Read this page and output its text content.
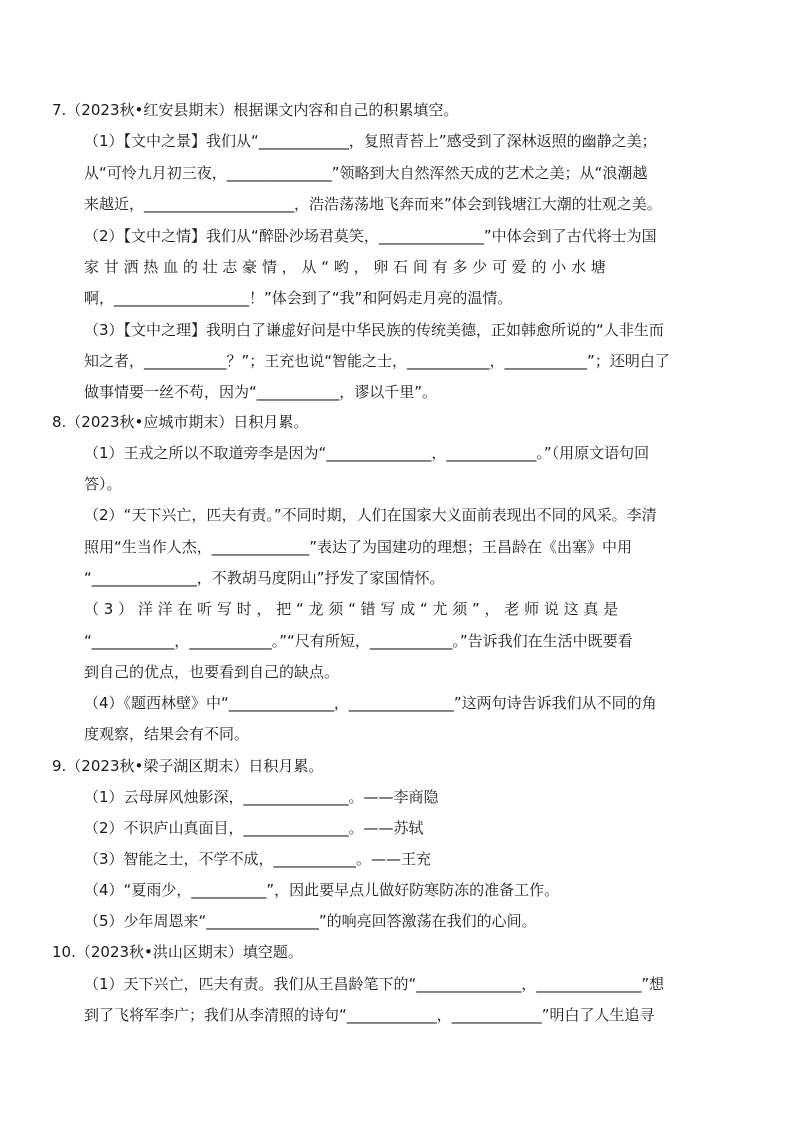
7.（2023秋•红安县期末）根据课文内容和自己的积累填空。
（1）【文中之景】我们从“____________，复照青苔上”感受到了深林返照的幽静之美；
从“可怜九月初三夜，______________”领略到大自然浑然天成的艺术之美；从“浪潮越
来越近，____________________，浩浩荡荡地飞奔而来”体会到钱塘江大潮的壮观之美。
（2）【文中之情】我们从“醉卧沙场君莫笑，______________”中体会到了古代将士为国
家 甘 洒 热 血 的 壮 志 豪 情 ， 从 “ 哟 ， 卵 石 间 有 多 少 可 爱 的 小 水 塘
啊，__________________！”体会到了“我”和阿妈走月亮的温情。
（3）【文中之理】我明白了谦虚好问是中华民族的传统美德，正如韩愈所说的“人非生而
知之者，___________？”；王充也说“智能之士，___________，___________”；还明白了
做事情要一丝不苟，因为“___________，谬以千里”。
8.（2023秋•应城市期末）日积月累。
（1）王戎之所以不取道旁李是因为“______________，____________。”（用原文语句回
答）。
（2）“天下兴亡，匹夫有责。”不同时期，人们在国家大义面前表现出不同的风采。李清
照用“生当作人杰，_____________”表达了为国建功的理想；王昌龄在《出塞》中用
“______________，不教胡马度阴山”抒发了家国情怀。
（ 3 ） 洋 洋 在 听 写 时 ， 把 “ 龙 须 “ 错 写 成 “ 尤 须 ” ， 老 师 说 这 真 是
“___________，___________。”“尺有所短，___________。”告诉我们在生活中既要看
到自己的优点，也要看到自己的缺点。
（4）《题西林壁》中“______________，______________”这两句诗告诉我们从不同的角
度观察，结果会有不同。
9.（2023秋•梁子湖区期末）日积月累。
（1）云母屏风烛影深，______________。——李商隐
（2）不识庐山真面目，______________。——苏轼
（3）智能之士，不学不成，___________。——王充
（4）“夏雨少，__________”，因此要早点儿做好防寒防冻的准备工作。
（5）少年周恩来“_______________”的响亮回答激荡在我们的心间。
10.（2023秋•洪山区期末）填空题。
（1）天下兴亡，匹夫有责。我们从王昌龄笔下的“______________，______________”想
到了飞将军李广；我们从李清照的诗句“____________，____________”明白了人生追寻
